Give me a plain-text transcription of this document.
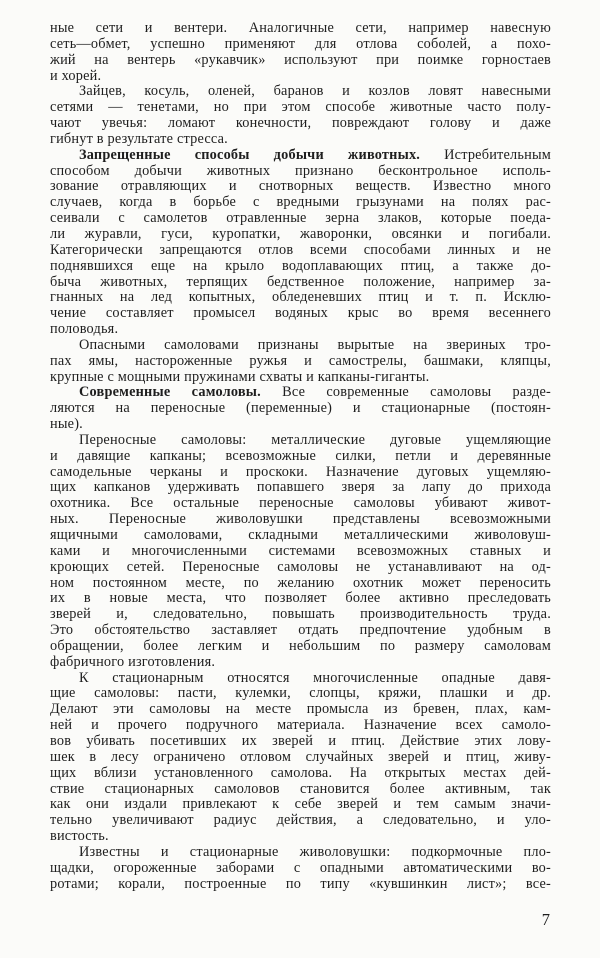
ные сети и вентери. Аналогичные сети, например навесную
сеть—обмет, успешно применяют для отлова соболей, а похо-
жий на вентерь «рукавчик» используют при поимке горностаев
и хорей.
Зайцев, косуль, оленей, баранов и козлов ловят навесными
сетями — тенетами, но при этом способе животные часто полу-
чают увечья: ломают конечности, повреждают голову и даже
гибнут в результате стресса.
Запрещенные способы добычи животных. Истребительным
способом добычи животных признано бесконтрольное исполь-
зование отравляющих и снотворных веществ. Известно много
случаев, когда в борьбе с вредными грызунами на полях рас-
сеивали с самолетов отравленные зерна злаков, которые поеда-
ли журавли, гуси, куропатки, жаворонки, овсянки и погибали.
Категорически запрещаются отлов всеми способами линных и не
поднявшихся еще на крыло водоплавающих птиц, а также до-
быча животных, терпящих бедственное положение, например за-
гнанных на лед копытных, обледеневших птиц и т. п. Исклю-
чение составляет промысел водяных крыс во время весеннего
половодья.
Опасными самоловами признаны вырытые на звериных тро-
пах ямы, настороженные ружья и самострелы, башмаки, кляпцы,
крупные с мощными пружинами схваты и капканы-гиганты.
Современные самоловы. Все современные самоловы разде-
ляются на переносные (переменные) и стационарные (постоян-
ные).
Переносные самоловы: металлические дуговые ущемляющие
и давящие капканы; всевозможные силки, петли и деревянные
самодельные черканы и проскоки. Назначение дуговых ущемляю-
щих капканов удерживать попавшего зверя за лапу до прихода
охотника. Все остальные переносные самоловы убивают живот-
ных. Переносные живоловушки представлены всевозможными
ящичными самоловами, складными металлическими живоловуш-
ками и многочисленными системами всевозможных ставных и
кроющих сетей. Переносные самоловы не устанавливают на од-
ном постоянном месте, по желанию охотник может переносить
их в новые места, что позволяет более активно преследовать
зверей и, следовательно, повышать производительность труда.
Это обстоятельство заставляет отдать предпочтение удобным в
обращении, более легким и небольшим по размеру самоловам
фабричного изготовления.
К стационарным относятся многочисленные опадные давя-
щие самоловы: пасти, кулемки, слопцы, кряжи, плашки и др.
Делают эти самоловы на месте промысла из бревен, плах, кам-
ней и прочего подручного материала. Назначение всех самоло-
вов убивать посетивших их зверей и птиц. Действие этих лову-
шек в лесу ограничено отловом случайных зверей и птиц, живу-
щих вблизи установленного самолова. На открытых местах дей-
ствие стационарных самоловов становится более активным, так
как они издали привлекают к себе зверей и тем самым значи-
тельно увеличивают радиус действия, а следовательно, и уло-
вистость.
Известны и стационарные живоловушки: подкормочные пло-
щадки, огороженные заборами с опадными автоматическими во-
ротами; корали, построенные по типу «кувшинкин лист»; все-
7
